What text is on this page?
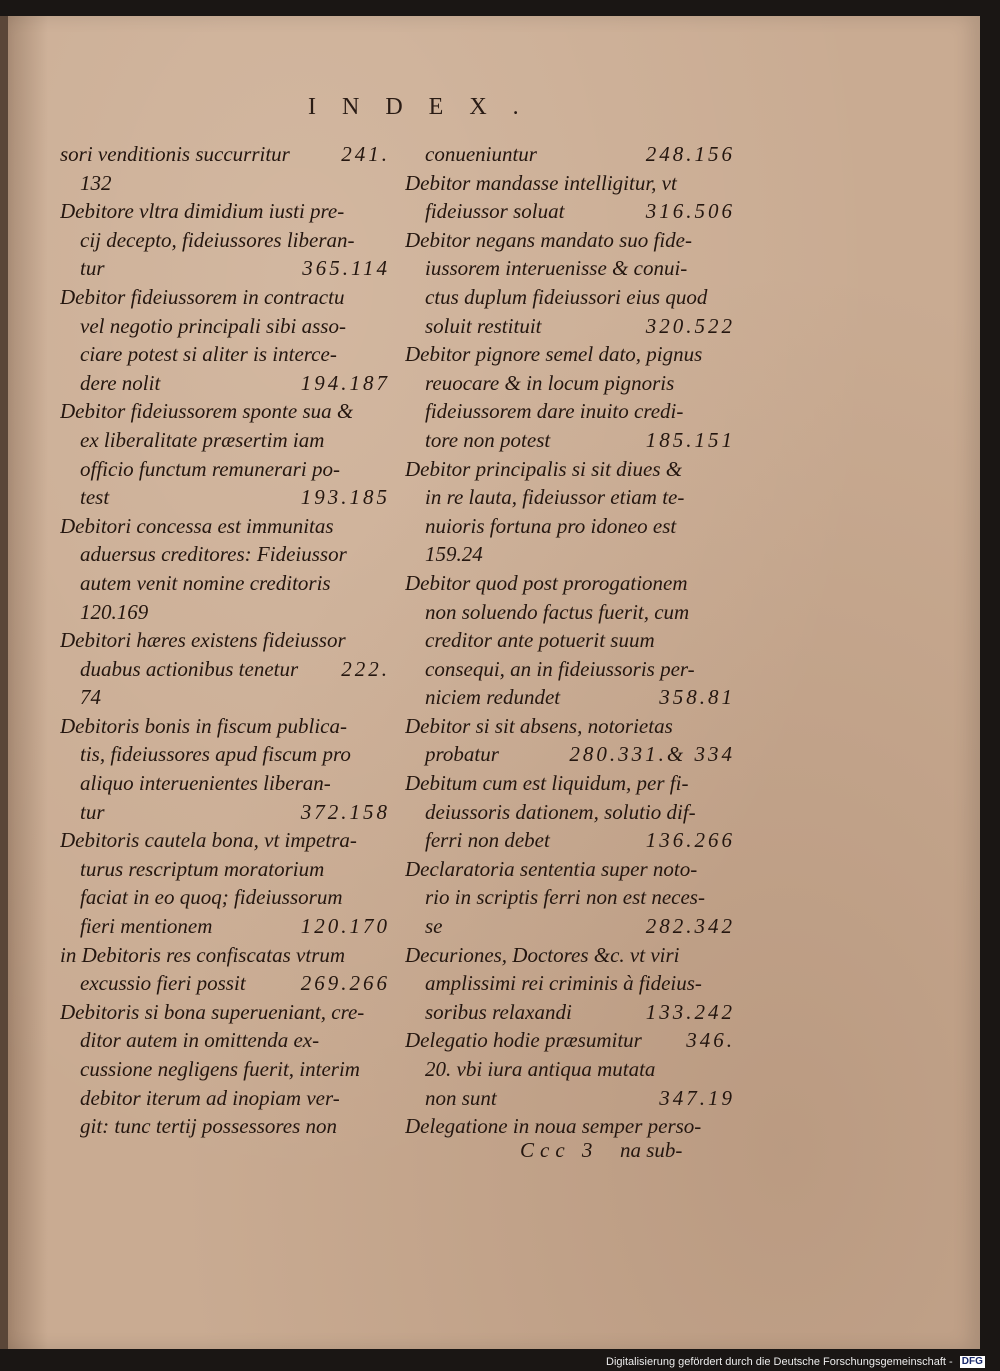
INDEX.
sori venditionis succurritur	241.
132
Debitore vltra dimidium iusti pre-
cij decepto, fideiussores liberan-
tur	365.114
Debitor fideiussorem in contractu
vel negotio principali sibi asso-
ciare potest si aliter is interce-
dere nolit	194.187
Debitor fideiussorem sponte sua &
ex liberalitate præsertim iam
officio functum remunerari po-
test	193.185
Debitori concessa est immunitas
aduersus creditores: Fideiussor
autem venit nomine creditoris
120.169
Debitori hæres existens fideiussor
duabus actionibus tenetur	222.
74
Debitoris bonis in fiscum publica-
tis, fideiussores apud fiscum pro
aliquo interuenientes liberan-
tur	372.158
Debitoris cautela bona, vt impetra-
turus rescriptum moratorium
faciat in eo quoq; fideiussorum
fieri mentionem	120.170
in Debitoris res confiscatas vtrum
excussio fieri possit	269.266
Debitoris si bona superueniant, cre-
ditor autem in omittenda ex-
cussione negligens fuerit, interim
debitor iterum ad inopiam ver-
git: tunc tertij possessores non
conueniuntur	248.156
Debitor mandasse intelligitur, vt
fideiussor soluat	316.506
Debitor negans mandato suo fide-
iussorem interuenisse & conui-
ctus duplum fideiussori eius quod
soluit restituit	320.522
Debitor pignore semel dato, pignus
reuocare & in locum pignoris
fideiussorem dare inuito credi-
tore non potest	185.151
Debitor principalis si sit diues &
in re lauta, fideiussor etiam te-
nuioris fortuna pro idoneo est
159.24
Debitor quod post prorogationem
non soluendo factus fuerit, cum
creditor ante potuerit suum
consequi, an in fideiussoris per-
niciem redundet	358.81
Debitor si sit absens, notorietas
probatur	280.331.& 334
Debitum cum est liquidum, per fi-
deiussoris dationem, solutio dif-
ferri non debet	136.266
Declaratoria sententia super noto-
rio in scriptis ferri non est neces-
se	282.342
Decuriones, Doctores &c. vt viri
amplissimi rei criminis à fideius-
soribus relaxandi	133.242
Delegatio hodie præsumitur	346.
20. vbi iura antiqua mutata
non sunt	347.19
Delegatione in noua semper perso-
Ccc 3 na sub-
Digitalisierung gefördert durch die Deutsche Forschungsgemeinschaft - DFG
